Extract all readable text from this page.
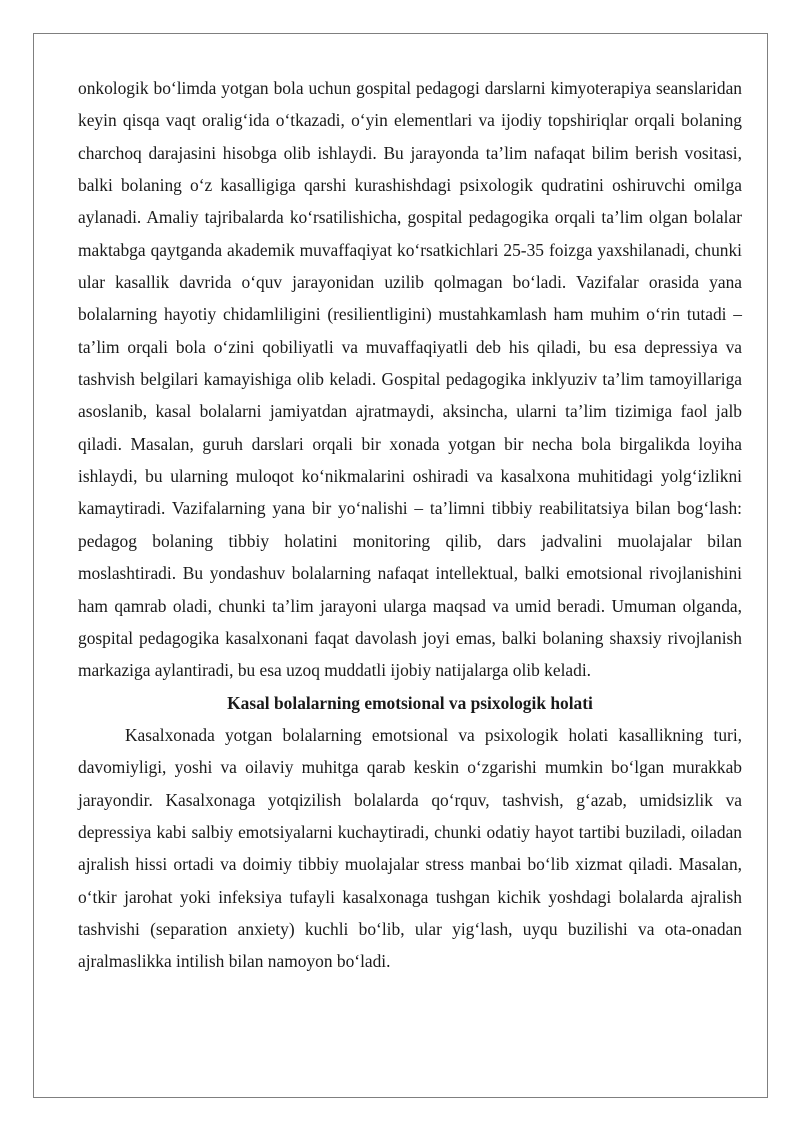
onkologik bo‘limda yotgan bola uchun gospital pedagogi darslarni kimyoterapiya seanslaridan keyin qisqa vaqt oralig‘ida o‘tkazadi, o‘yin elementlari va ijodiy topshiriqlar orqali bolaning charchoq darajasini hisobga olib ishlaydi. Bu jarayonda ta’lim nafaqat bilim berish vositasi, balki bolaning o‘z kasalligiga qarshi kurashishdagi psixologik qudratini oshiruvchi omilga aylanadi. Amaliy tajribalarda ko‘rsatilishicha, gospital pedagogika orqali ta’lim olgan bolalar maktabga qaytganda akademik muvaffaqiyat ko‘rsatkichlari 25-35 foizga yaxshilanadi, chunki ular kasallik davrida o‘quv jarayonidan uzilib qolmagan bo‘ladi. Vazifalar orasida yana bolalarning hayotiy chidamliligini (resilientligini) mustahkamlash ham muhim o‘rin tutadi – ta’lim orqali bola o‘zini qobiliyatli va muvaffaqiyatli deb his qiladi, bu esa depressiya va tashvish belgilari kamayishiga olib keladi. Gospital pedagogika inklyuziv ta’lim tamoyillariga asoslanib, kasal bolalarni jamiyatdan ajratmaydi, aksincha, ularni ta’lim tizimiga faol jalb qiladi. Masalan, guruh darslari orqali bir xonada yotgan bir necha bola birgalikda loyiha ishlaydi, bu ularning muloqot ko‘nikmalarini oshiradi va kasalxona muhitidagi yolg‘izlikni kamaytiradi. Vazifalarning yana bir yo‘nalishi – ta’limni tibbiy reabilitatsiya bilan bog‘lash: pedagog bolaning tibbiy holatini monitoring qilib, dars jadvalini muolajalar bilan moslashtiradi. Bu yondashuv bolalarning nafaqat intellektual, balki emotsional rivojlanishini ham qamrab oladi, chunki ta’lim jarayoni ularga maqsad va umid beradi. Umuman olganda, gospital pedagogika kasalxonani faqat davolash joyi emas, balki bolaning shaxsiy rivojlanish markaziga aylantiradi, bu esa uzoq muddatli ijobiy natijalarga olib keladi.

Kasal bolalarning emotsional va psixologik holati

Kasalxonada yotgan bolalarning emotsional va psixologik holati kasallikning turi, davomiyligi, yoshi va oilaviy muhitga qarab keskin o‘zgarishi mumkin bo‘lgan murakkab jarayondir. Kasalxonaga yotqizilish bolalarda qo‘rquv, tashvish, g‘azab, umidsizlik va depressiya kabi salbiy emotsiyalarni kuchaytiradi, chunki odatiy hayot tartibi buziladi, oiladan ajralish hissi ortadi va doimiy tibbiy muolajalar stress manbai bo‘lib xizmat qiladi. Masalan, o‘tkir jarohat yoki infeksiya tufayli kasalxonaga tushgan kichik yoshdagi bolalarda ajralish tashvishi (separation anxiety) kuchli bo‘lib, ular yig‘lash, uyqu buzilishi va ota-onadan ajralmaslikka intilish bilan namoyon bo‘ladi.
